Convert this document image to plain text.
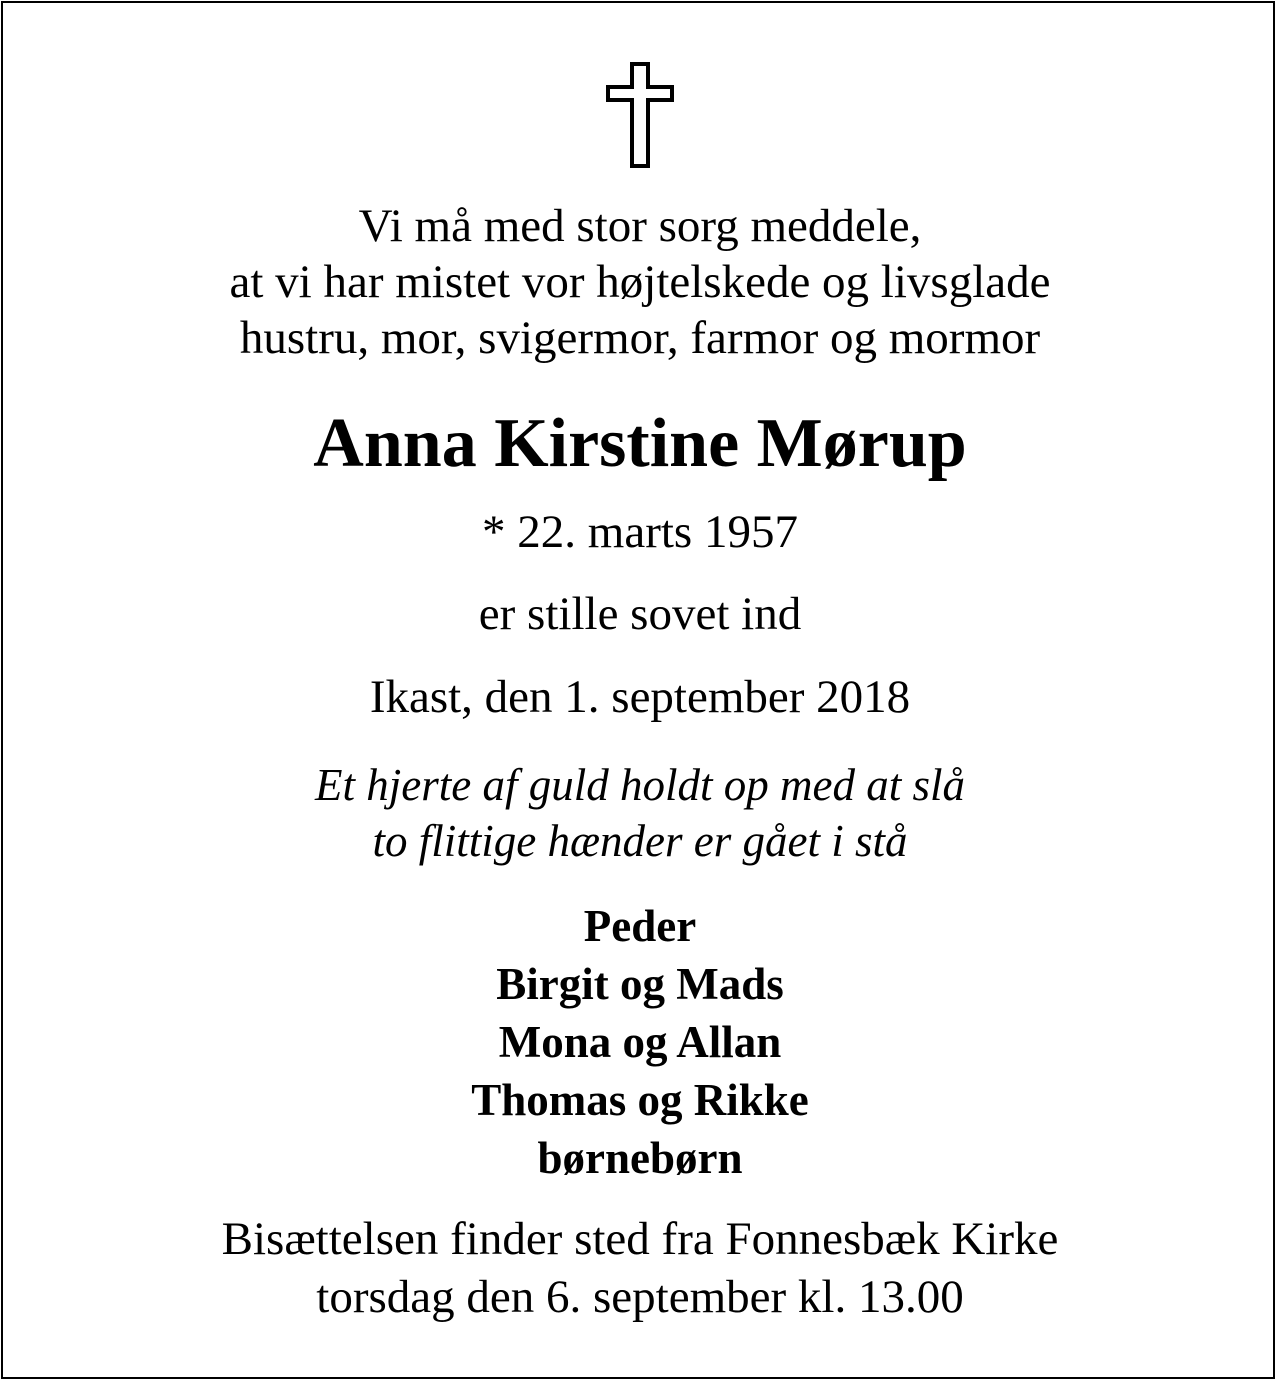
Vi må med stor sorg meddele,
at vi har mistet vor højtelskede og livsglade
hustru, mor, svigermor, farmor og mormor
Anna Kirstine Mørup
* 22. marts 1957
er stille sovet ind
Ikast, den 1. september 2018
Et hjerte af guld holdt op med at slå
to flittige hænder er gået i stå
Peder
Birgit og Mads
Mona og Allan
Thomas og Rikke
børnebørn
Bisættelsen finder sted fra Fonnesbæk Kirke
torsdag den 6. september kl. 13.00
